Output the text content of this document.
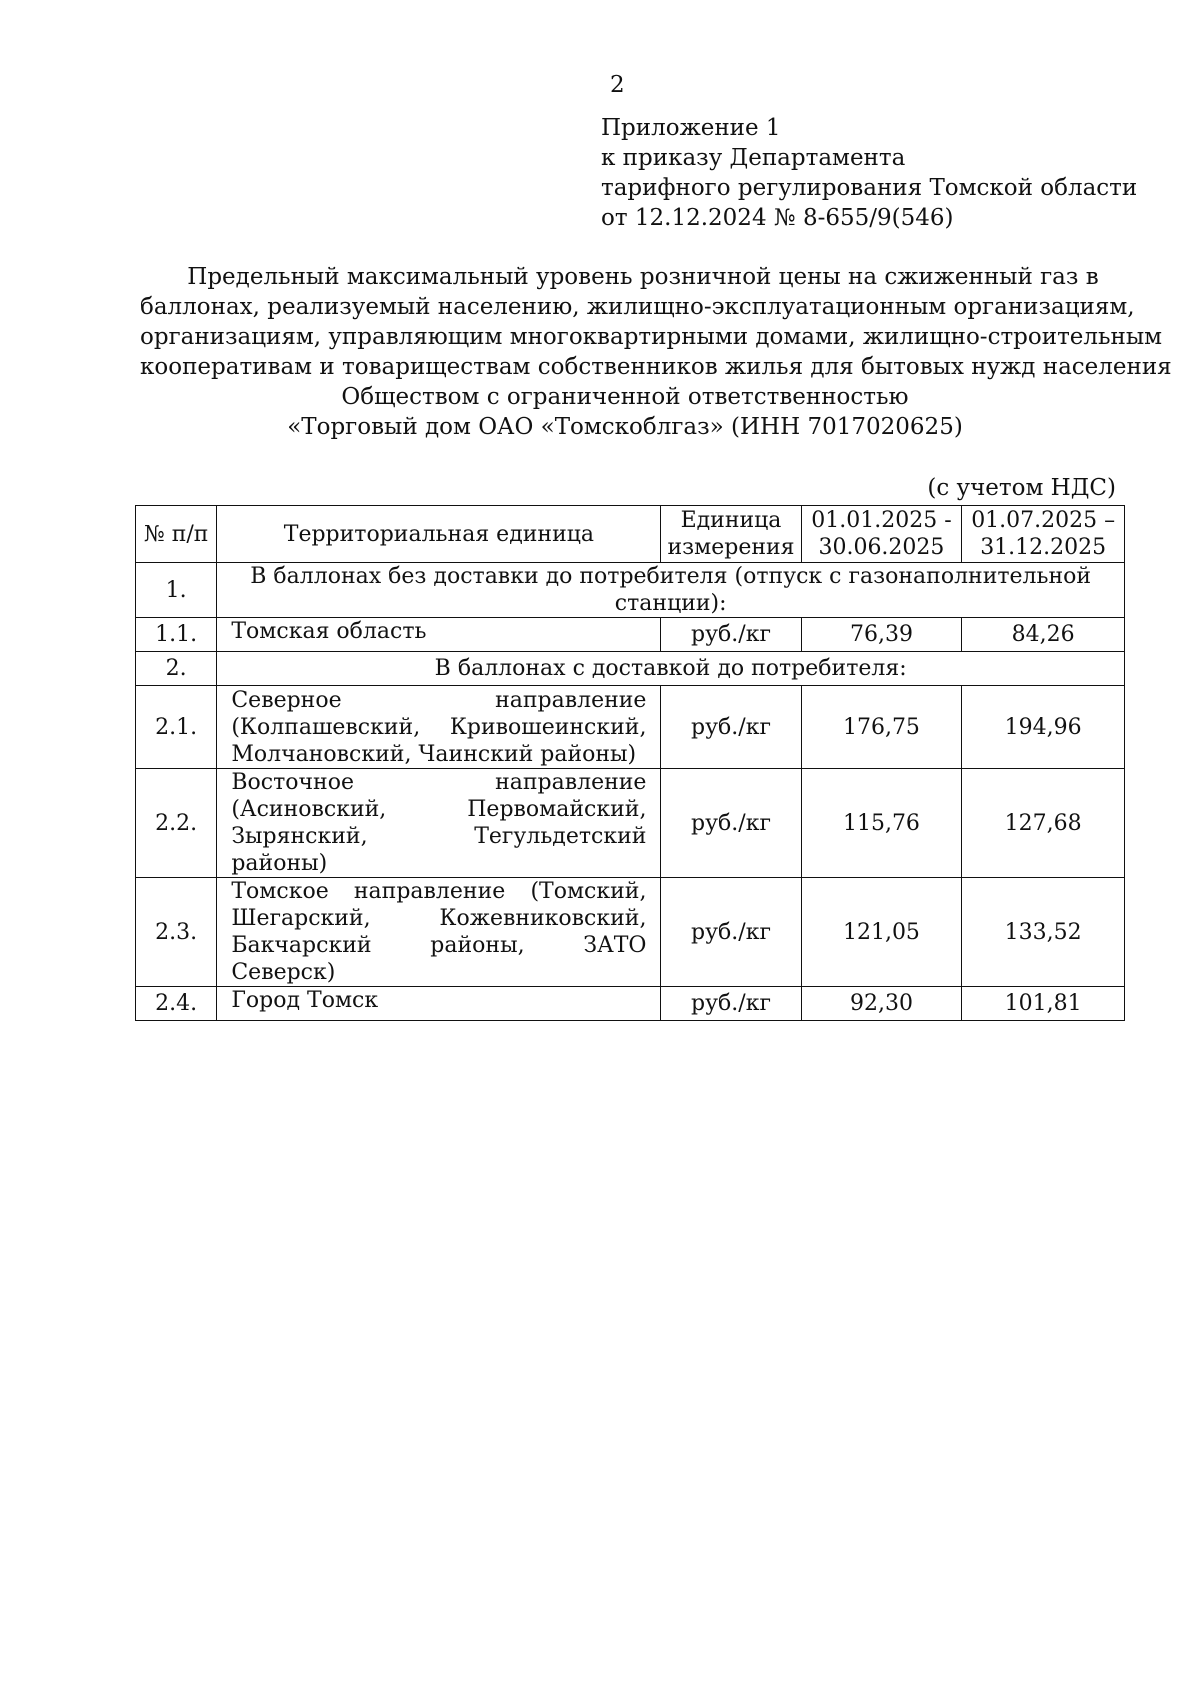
2
Приложение 1
к приказу Департамента
тарифного регулирования Томской области
от 12.12.2024 № 8-655/9(546)
Предельный максимальный уровень розничной цены на сжиженный газ в
баллонах, реализуемый населению, жилищно-эксплуатационным организациям,
организациям, управляющим многоквартирными домами, жилищно-строительным
кооперативам и товариществам собственников жилья для бытовых нужд населения
Обществом с ограниченной ответственностью
«Торговый дом ОАО «Томскоблгаз» (ИНН 7017020625)
(с учетом НДС)
№ п/п	Территориальная единица	Единица измерения	01.01.2025 - 30.06.2025	01.07.2025 – 31.12.2025
1.	В баллонах без доставки до потребителя (отпуск с газонаполнительной станции):			
1.1.	Томская область	руб./кг	76,39	84,26
2.	В баллонах с доставкой до потребителя:			
2.1.	Северное направление (Колпашевский, Кривошеинский, Молчановский, Чаинский районы)	руб./кг	176,75	194,96
2.2.	Восточное направление (Асиновский, Первомайский, Зырянский, Тегульдетский районы)	руб./кг	115,76	127,68
2.3.	Томское направление (Томский, Шегарский, Кожевниковский, Бакчарский районы, ЗАТО Северск)	руб./кг	121,05	133,52
2.4.	Город Томск	руб./кг	92,30	101,81
